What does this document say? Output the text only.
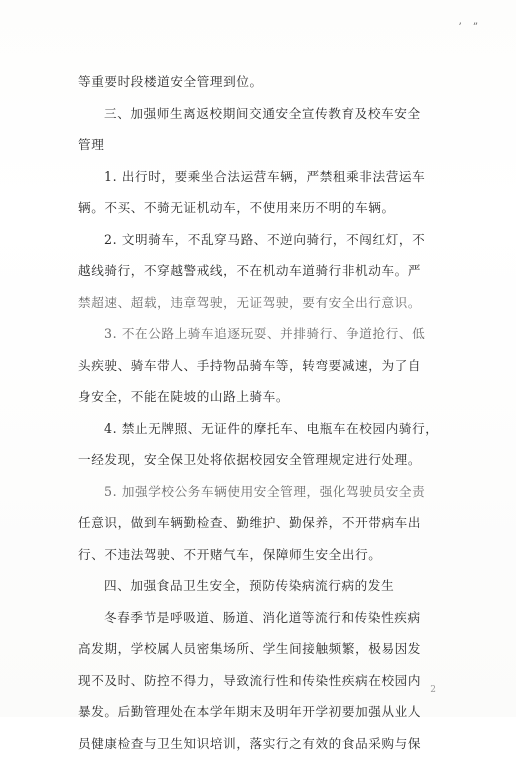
’ ”
等重要时段楼道安全管理到位。
三、加强师生离返校期间交通安全宣传教育及校车安全
管理
1. 出行时，要乘坐合法运营车辆，严禁租乘非法营运车
辆。不买、不骑无证机动车，不使用来历不明的车辆。
2. 文明骑车，不乱穿马路、不逆向骑行，不闯红灯，不
越线骑行，不穿越警戒线，不在机动车道骑行非机动车。严
禁超速、超载，违章驾驶，无证驾驶，要有安全出行意识。
3. 不在公路上骑车追逐玩耍、并排骑行、争道抢行、低
头疾驶、骑车带人、手持物品骑车等，转弯要减速，为了自
身安全，不能在陡坡的山路上骑车。
4. 禁止无牌照、无证件的摩托车、电瓶车在校园内骑行，
一经发现，安全保卫处将依据校园安全管理规定进行处理。
5. 加强学校公务车辆使用安全管理，强化驾驶员安全责
任意识，做到车辆勤检查、勤维护、勤保养，不开带病车出
行、不违法驾驶、不开赌气车，保障师生安全出行。
四、加强食品卫生安全，预防传染病流行病的发生
冬春季节是呼吸道、肠道、消化道等流行和传染性疾病
高发期，学校属人员密集场所、学生间接触频繁，极易因发
现不及时、防控不得力，导致流行性和传染性疾病在校园内
暴发。后勤管理处在本学年期末及明年开学初要加强从业人
员健康检查与卫生知识培训，落实行之有效的食品采购与保
2
